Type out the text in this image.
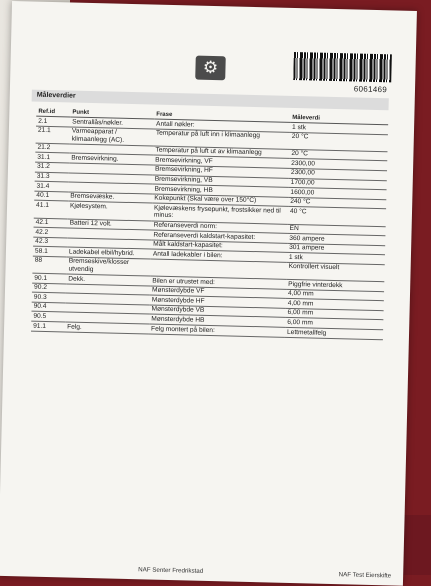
⚙
6061469
Måleverdier
Ref.id	Punkt	Frase	Måleverdi
2.1	Sentrallås/nøkler.	Antall nøkler:	1 stk
21.1	Varmeapparat / klimaanlegg (AC).	Temperatur på luft inn i klimaanlegg	20 °C
21.2		Temperatur på luft ut av klimaanlegg	20 °C
31.1	Bremsevirkning.	Bremsevirkning, VF	2300,00
31.2		Bremsevirkning, HF	2300,00
31.3		Bremsevirkning, VB	1700,00
31.4		Bremsevirkning, HB	1600,00
40.1	Bremsevæske.	Kokepunkt (Skal være over 150°C)	240 °C
41.1	Kjølesystem.	Kjølevæskens frysepunkt, frostsikker ned til minus:	40 °C
42.1	Batteri 12 volt.	Referanseverdi norm:	EN
42.2		Referanseverdi kaldstart-kapasitet:	360 ampere
42.3		Målt kaldstart-kapasitet:	301 ampere
58.1	Ladekabel elbil/hybrid.	Antall ladekabler i bilen:	1 stk
88	Bremseskive/klosser utvendig		Kontrollert visuelt
90.1	Dekk.	Bilen er utrustet med:	Piggfrie vinterdekk
90.2		Mønsterdybde VF	4,00 mm
90.3		Mønsterdybde HF	4,00 mm
90.4		Mønsterdybde VB	6,00 mm
90.5		Mønsterdybde HB	6,00 mm
91.1	Felg.	Felg montert på bilen:	Lettmetallfelg
NAF Senter Fredrikstad
NAF Test Eierskifte
